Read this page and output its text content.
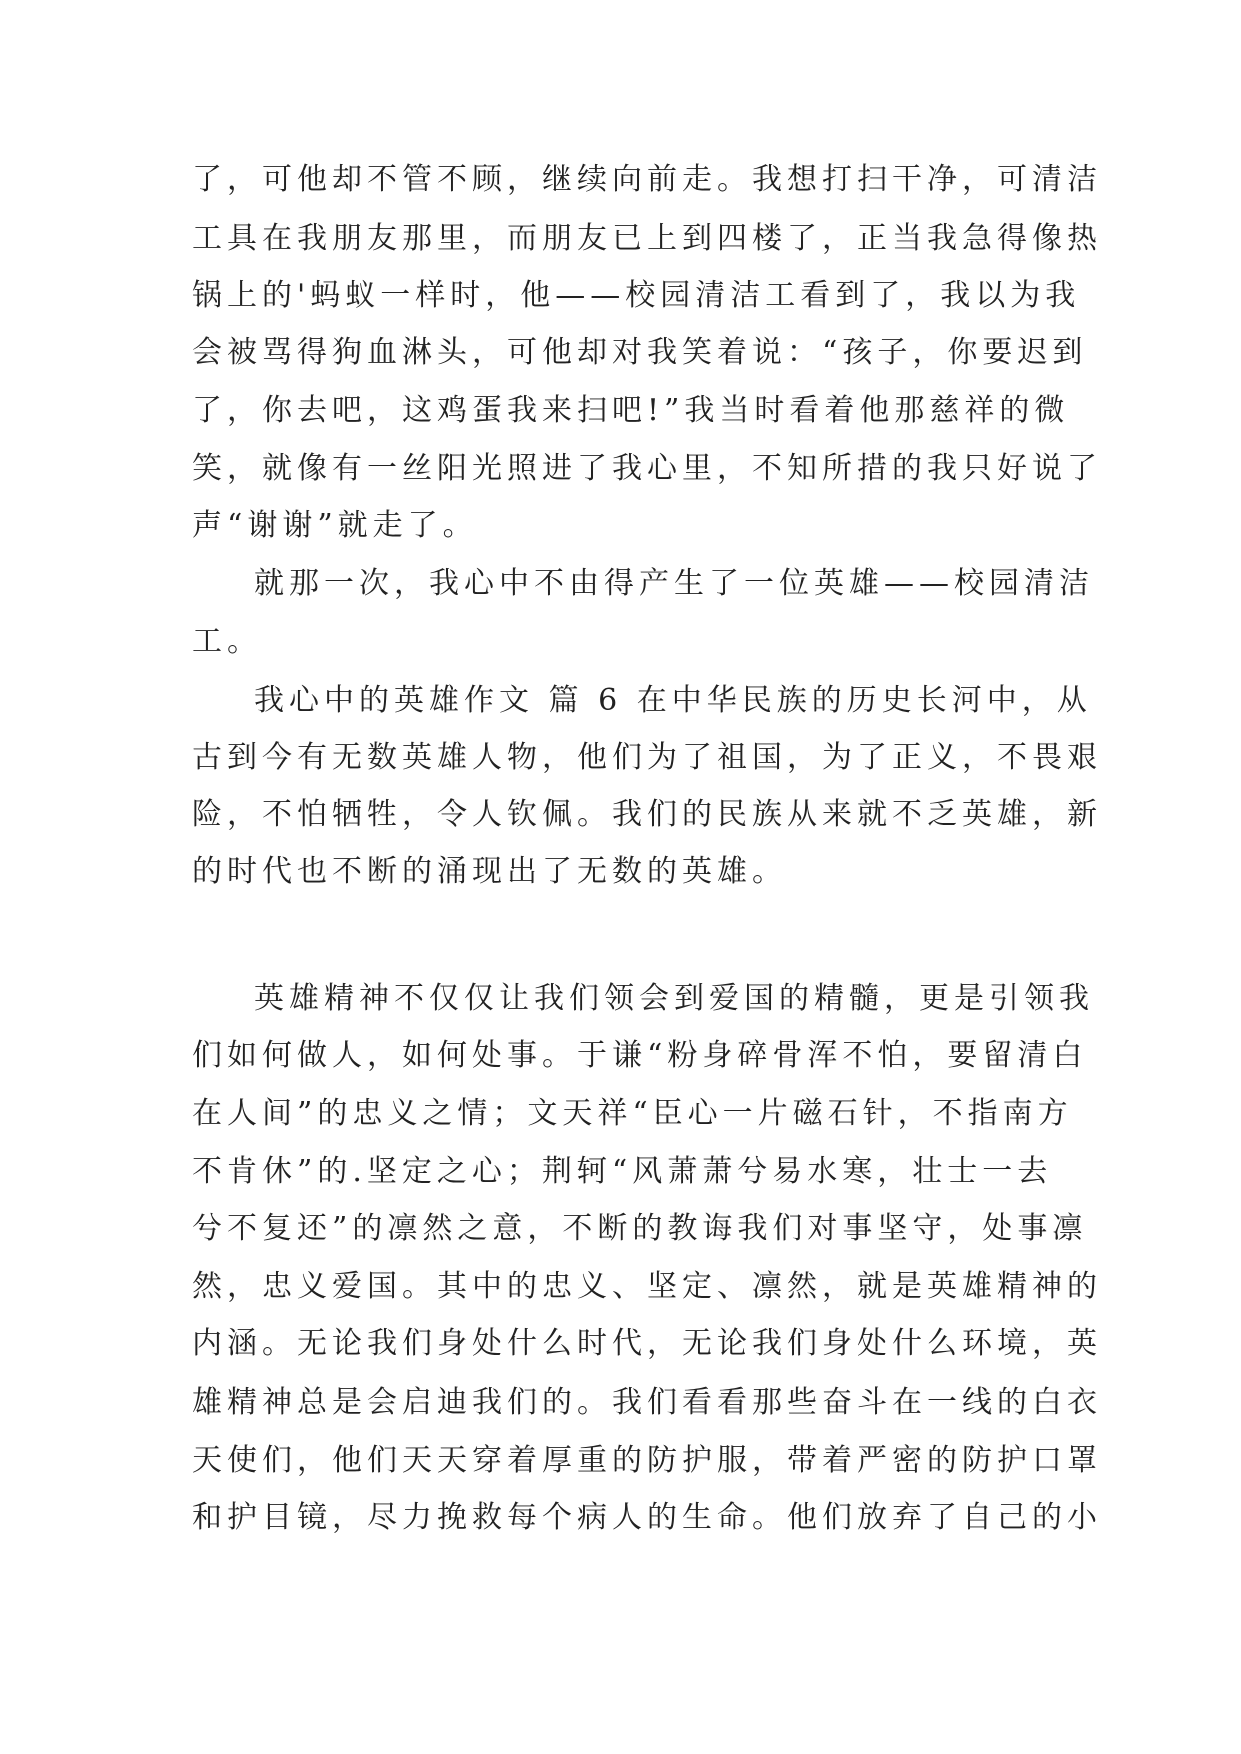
了，可他却不管不顾，继续向前走。我想打扫干净，可清洁
工具在我朋友那里，而朋友已上到四楼了，正当我急得像热
锅上的'蚂蚁一样时，他——校园清洁工看到了，我以为我
会被骂得狗血淋头，可他却对我笑着说：“孩子，你要迟到
了，你去吧，这鸡蛋我来扫吧!”我当时看着他那慈祥的微
笑，就像有一丝阳光照进了我心里，不知所措的我只好说了
声“谢谢”就走了。
就那一次，我心中不由得产生了一位英雄——校园清洁
工。
我心中的英雄作文 篇 6 在中华民族的历史长河中，从
古到今有无数英雄人物，他们为了祖国，为了正义，不畏艰
险，不怕牺牲，令人钦佩。我们的民族从来就不乏英雄，新
的时代也不断的涌现出了无数的英雄。
英雄精神不仅仅让我们领会到爱国的精髓，更是引领我
们如何做人，如何处事。于谦“粉身碎骨浑不怕，要留清白
在人间”的忠义之情；文天祥“臣心一片磁石针，不指南方
不肯休”的.坚定之心；荆轲“风萧萧兮易水寒，壮士一去
兮不复还”的凛然之意，不断的教诲我们对事坚守，处事凛
然，忠义爱国。其中的忠义、坚定、凛然，就是英雄精神的
内涵。无论我们身处什么时代，无论我们身处什么环境，英
雄精神总是会启迪我们的。我们看看那些奋斗在一线的白衣
天使们，他们天天穿着厚重的防护服，带着严密的防护口罩
和护目镜，尽力挽救每个病人的生命。他们放弃了自己的小
